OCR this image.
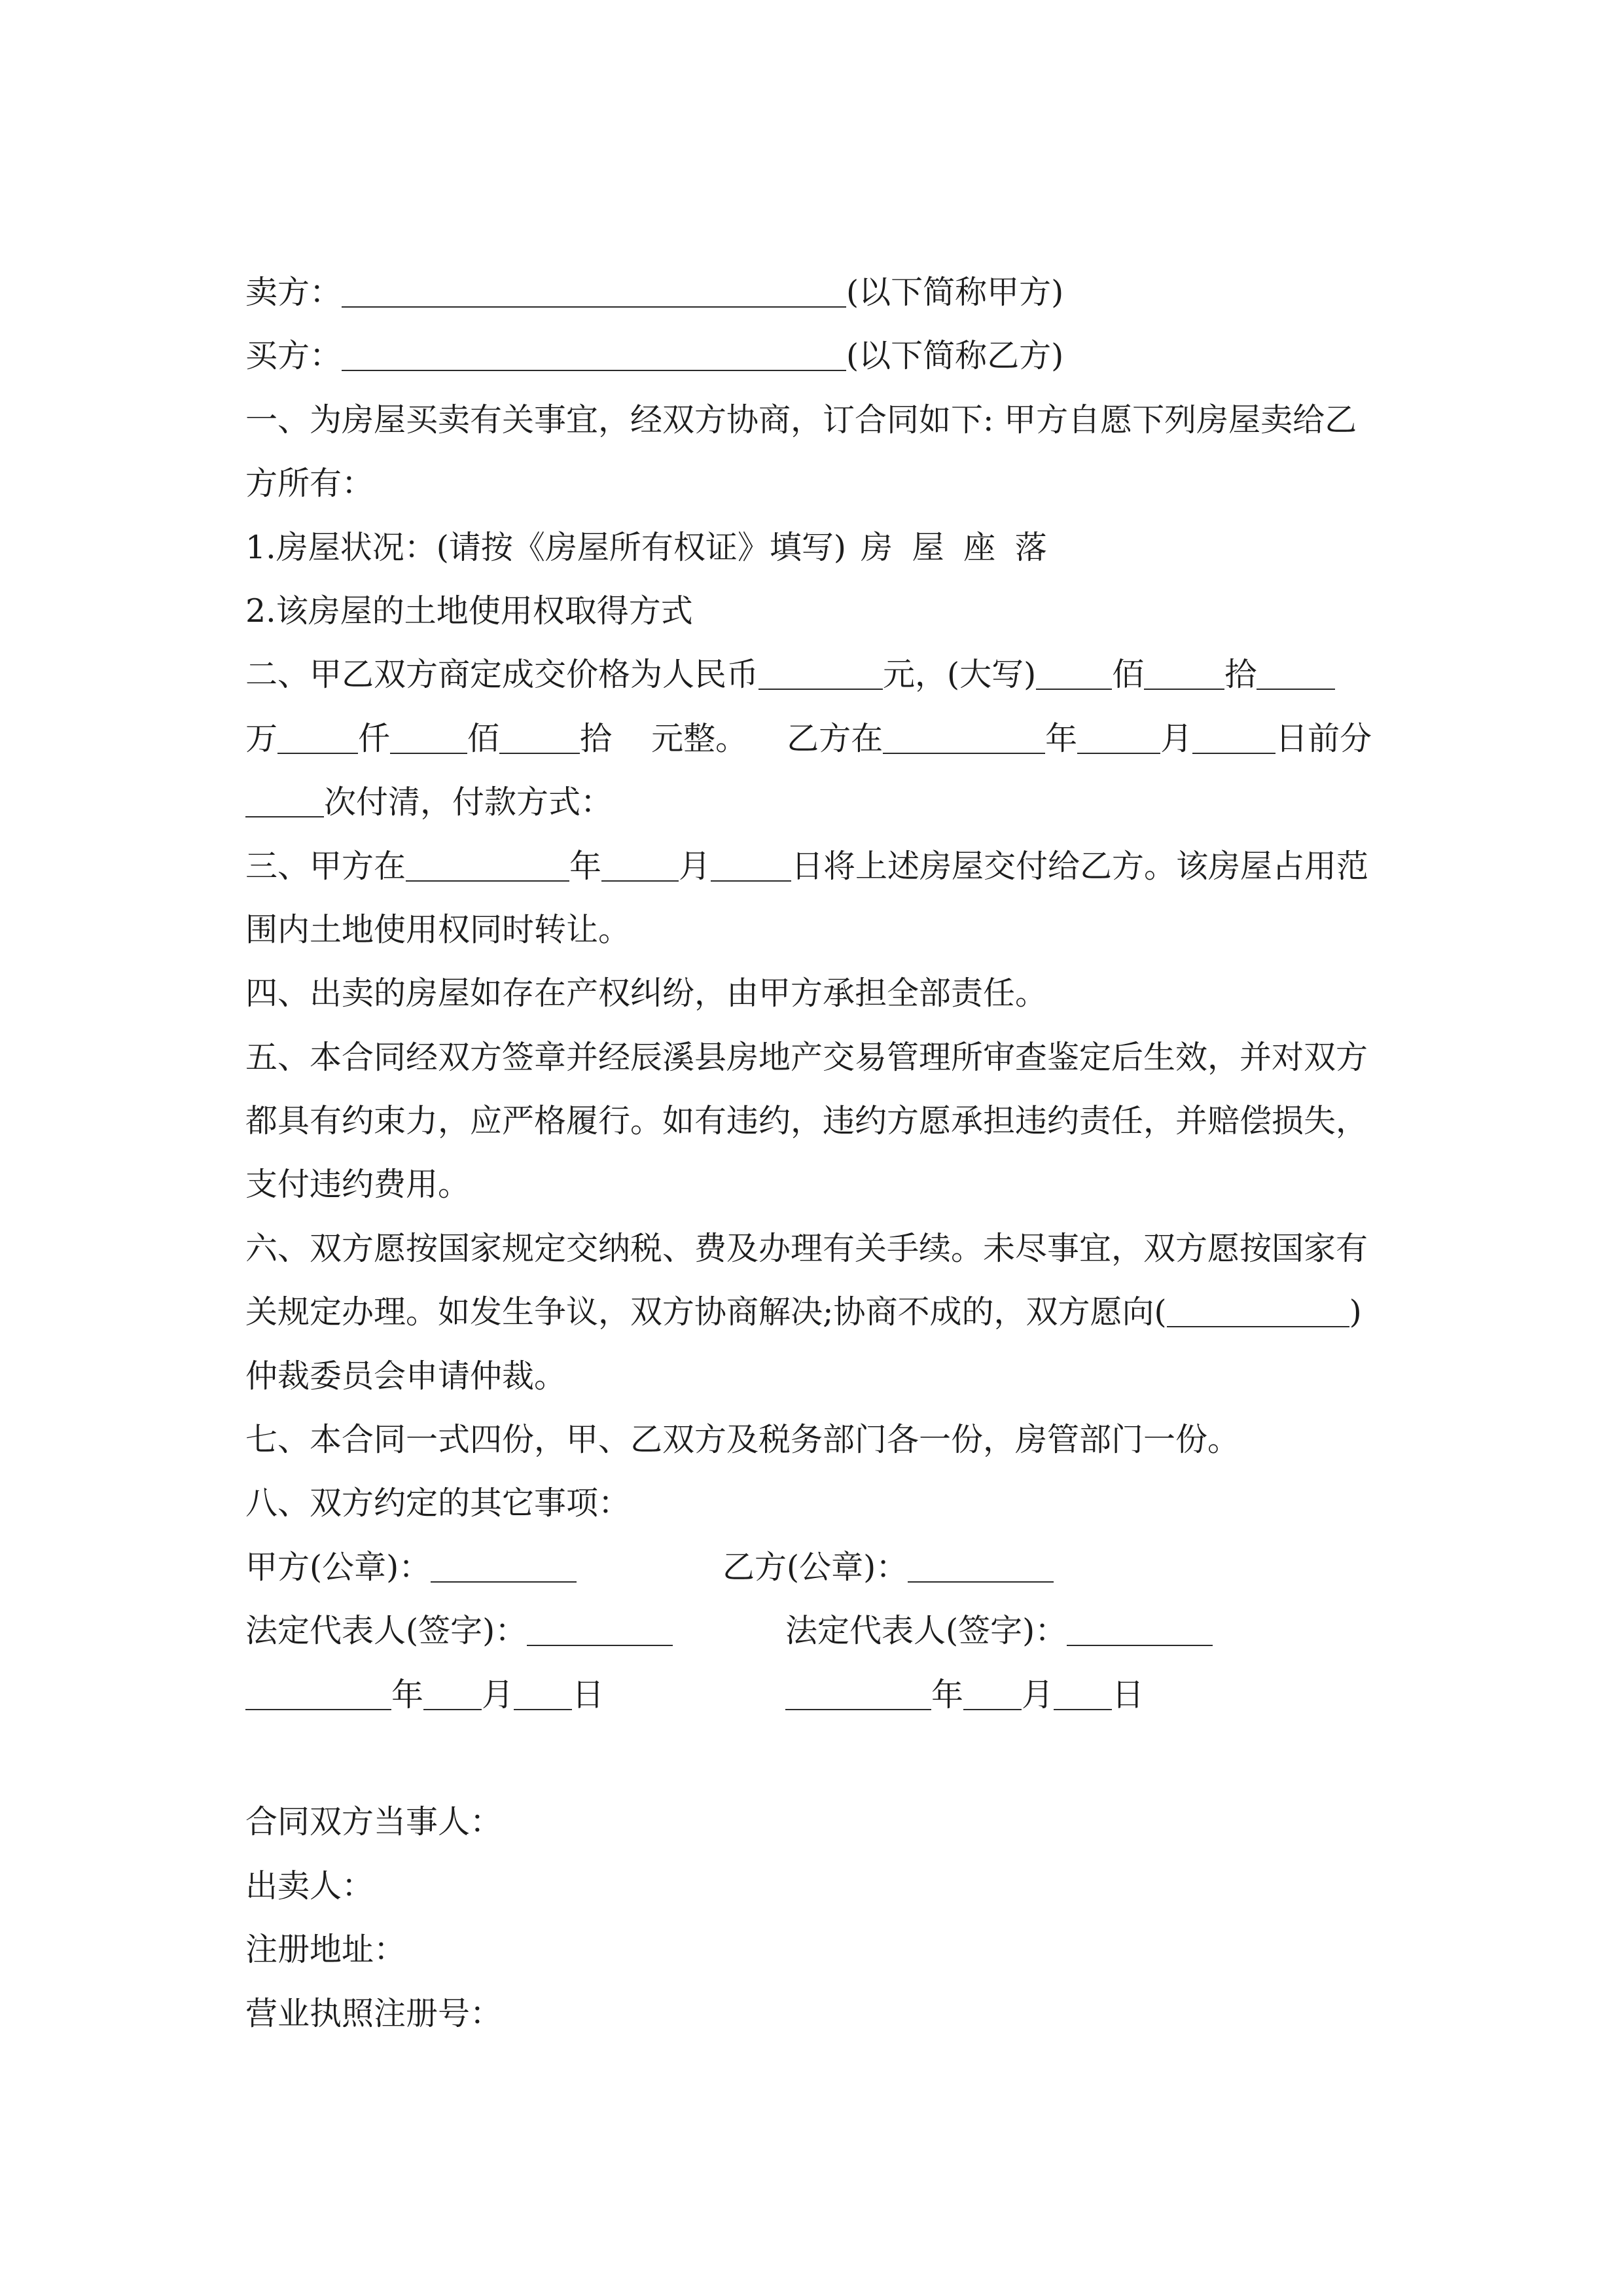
卖方：	(以下简称甲方)
买方：	(以下简称乙方)
一、为房屋买卖有关事宜，经双方协商，订合同如下: 甲方自愿下列房屋卖给乙
方所有：
1.房屋状况：(请按《房屋所有权证》填写) 房 屋 座 落
2.该房屋的土地使用权取得方式
二、甲乙双方商定成交价格为人民币	元，(大写) 佰	拾
万	仟 佰	拾 元整。 乙方在	年	月	日前分
次付清，付款方式：
三、甲方在	年 月	日将上述房屋交付给乙方。该房屋占用范
围内土地使用权同时转让。
四、出卖的房屋如存在产权纠纷，由甲方承担全部责任。
五、本合同经双方签章并经辰溪县房地产交易管理所审查鉴定后生效，并对双方
都具有约束力，应严格履行。如有违约，违约方愿承担违约责任，并赔偿损失，
支付违约费用。
六、双方愿按国家规定交纳税、费及办理有关手续。未尽事宜，双方愿按国家有
关规定办理。如发生争议，双方协商解决;协商不成的，双方愿向(	)
仲裁委员会申请仲裁。
七、本合同一式四份，甲、乙双方及税务部门各一份，房管部门一份。
八、双方约定的其它事项：
甲方(公章)：	乙方(公章)：
法定代表人(签字)：	法定代表人(签字)：
年 月 日	年 月 日
合同双方当事人：
出卖人：
注册地址：
营业执照注册号：
